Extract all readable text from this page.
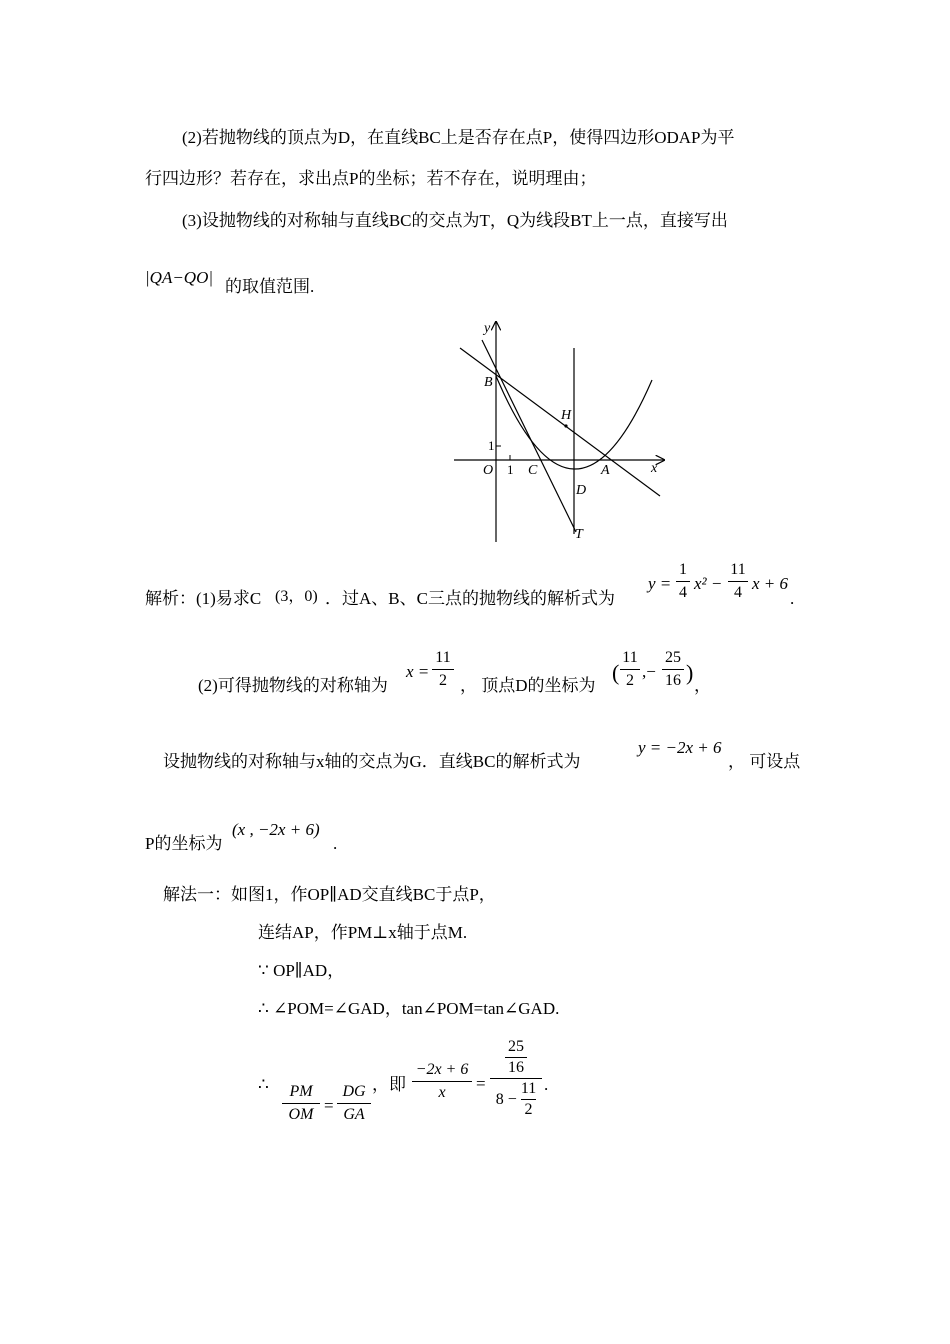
(2)若抛物线的顶点为D，在直线BC上是否存在点P，使得四边形ODAP为平
行四边形？若存在，求出点P的坐标；若不存在，说明理由；
(3)设抛物线的对称轴与直线BC的交点为T，Q为线段BT上一点，直接写出
|QA−QO| 的取值范围.
y
x
B
H
O C	A
D
T
1
1
解析：(1)易求C (3，0) ．过A、B、C三点的抛物线的解析式为
y =
1
4 x² −
11
4 x + 6
.
(2)可得抛物线的对称轴为
x =
11
2 ， 顶点D的坐标为
(
11
2 ,−
25
16 )
，
设抛物线的对称轴与x轴的交点为G．直线BC的解析式为
y = −2x + 6
， 可设点
P的坐标为
(x , −2x + 6)
.
解法一：如图1，作OP∥AD交直线BC于点P，
连结AP，作PM⊥x轴于点M.
∵ OP∥AD，
∴ ∠POM=∠GAD，tan∠POM=tan∠GAD.
∴	PM
OM =
DG
GA
，即
−2x + 6
x	=
25
16
$8 - \frac{11}{2}$ .
